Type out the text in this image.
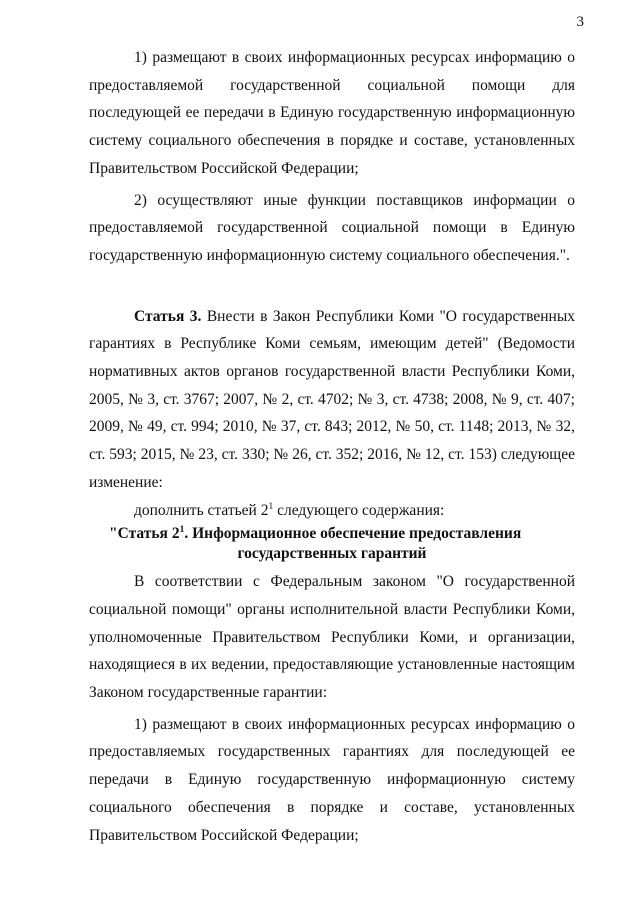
3

1) размещают в своих информационных ресурсах информацию о предоставляемой государственной социальной помощи для последующей ее передачи в Единую государственную информационную систему социального обеспечения в порядке и составе, установленных Правительством Российской Федерации;

2) осуществляют иные функции поставщиков информации о предоставляемой государственной социальной помощи в Единую государственную информационную систему социального обеспечения.".

Статья 3. Внести в Закон Республики Коми "О государственных гарантиях в Республике Коми семьям, имеющим детей" (Ведомости нормативных актов органов государственной власти Республики Коми, 2005, № 3, ст. 3767; 2007, № 2, ст. 4702; № 3, ст. 4738; 2008, № 9, ст. 407; 2009, № 49, ст. 994; 2010, № 37, ст. 843; 2012, № 50, ст. 1148; 2013, № 32, ст. 593; 2015, № 23, ст. 330; № 26, ст. 352; 2016, № 12, ст. 153) следующее изменение:

дополнить статьей $2^1$ следующего содержания:

"Статья $2^1$. Информационное обеспечение предоставления
государственных гарантий

В соответствии с Федеральным законом "О государственной социальной помощи" органы исполнительной власти Республики Коми, уполномоченные Правительством Республики Коми, и организации, находящиеся в их ведении, предоставляющие установленные настоящим Законом государственные гарантии:

1) размещают в своих информационных ресурсах информацию о предоставляемых государственных гарантиях для последующей ее передачи в Единую государственную информационную систему социального обеспечения в порядке и составе, установленных Правительством Российской Федерации;
